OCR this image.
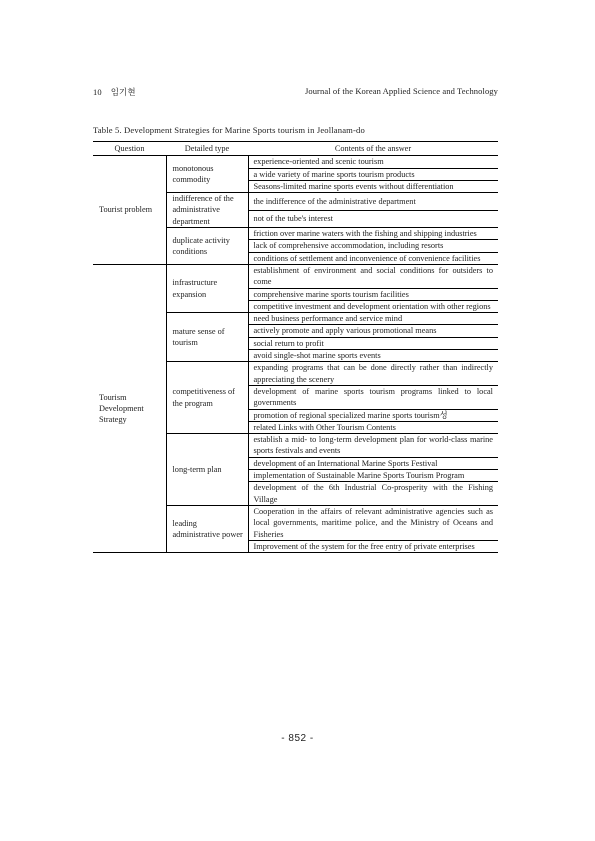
10 임기현	Journal of the Korean Applied Science and Technology
Table 5. Development Strategies for Marine Sports tourism in Jeollanam-do
Question	Detailed type	Contents of the answer
Tourist problem	monotonous commodity	experience-oriented and scenic tourism
		a wide variety of marine sports tourism products
		Seasons-limited marine sports events without differentiation
	indifference of the administrative department	the indifference of the administrative department
		not of the tube's interest
	duplicate activity conditions	friction over marine waters with the fishing and shipping industries
		lack of comprehensive accommodation, including resorts
		conditions of settlement and inconvenience of convenience facilities
Tourism Development Strategy	infrastructure expansion	establishment of environment and social conditions for outsiders to come
		comprehensive marine sports tourism facilities
		competitive investment and development orientation with other regions
	mature sense of tourism	need business performance and service mind
		actively promote and apply various promotional means
		social return to profit
		avoid single-shot marine sports events
	competitiveness of the program	expanding programs that can be done directly rather than indirectly appreciating the scenery
		development of marine sports tourism programs linked to local governments
		promotion of regional specialized marine sports tourism성
		related Links with Other Tourism Contents
	long-term plan	establish a mid- to long-term development plan for world-class marine sports festivals and events
		development of an International Marine Sports Festival
		implementation of Sustainable Marine Sports Tourism Program
		development of the 6th Industrial Co-prosperity with the Fishing Village
	leading administrative power	Cooperation in the affairs of relevant administrative agencies such as local governments, maritime police, and the Ministry of Oceans and Fisheries
		Improvement of the system for the free entry of private enterprises
- 852 -
